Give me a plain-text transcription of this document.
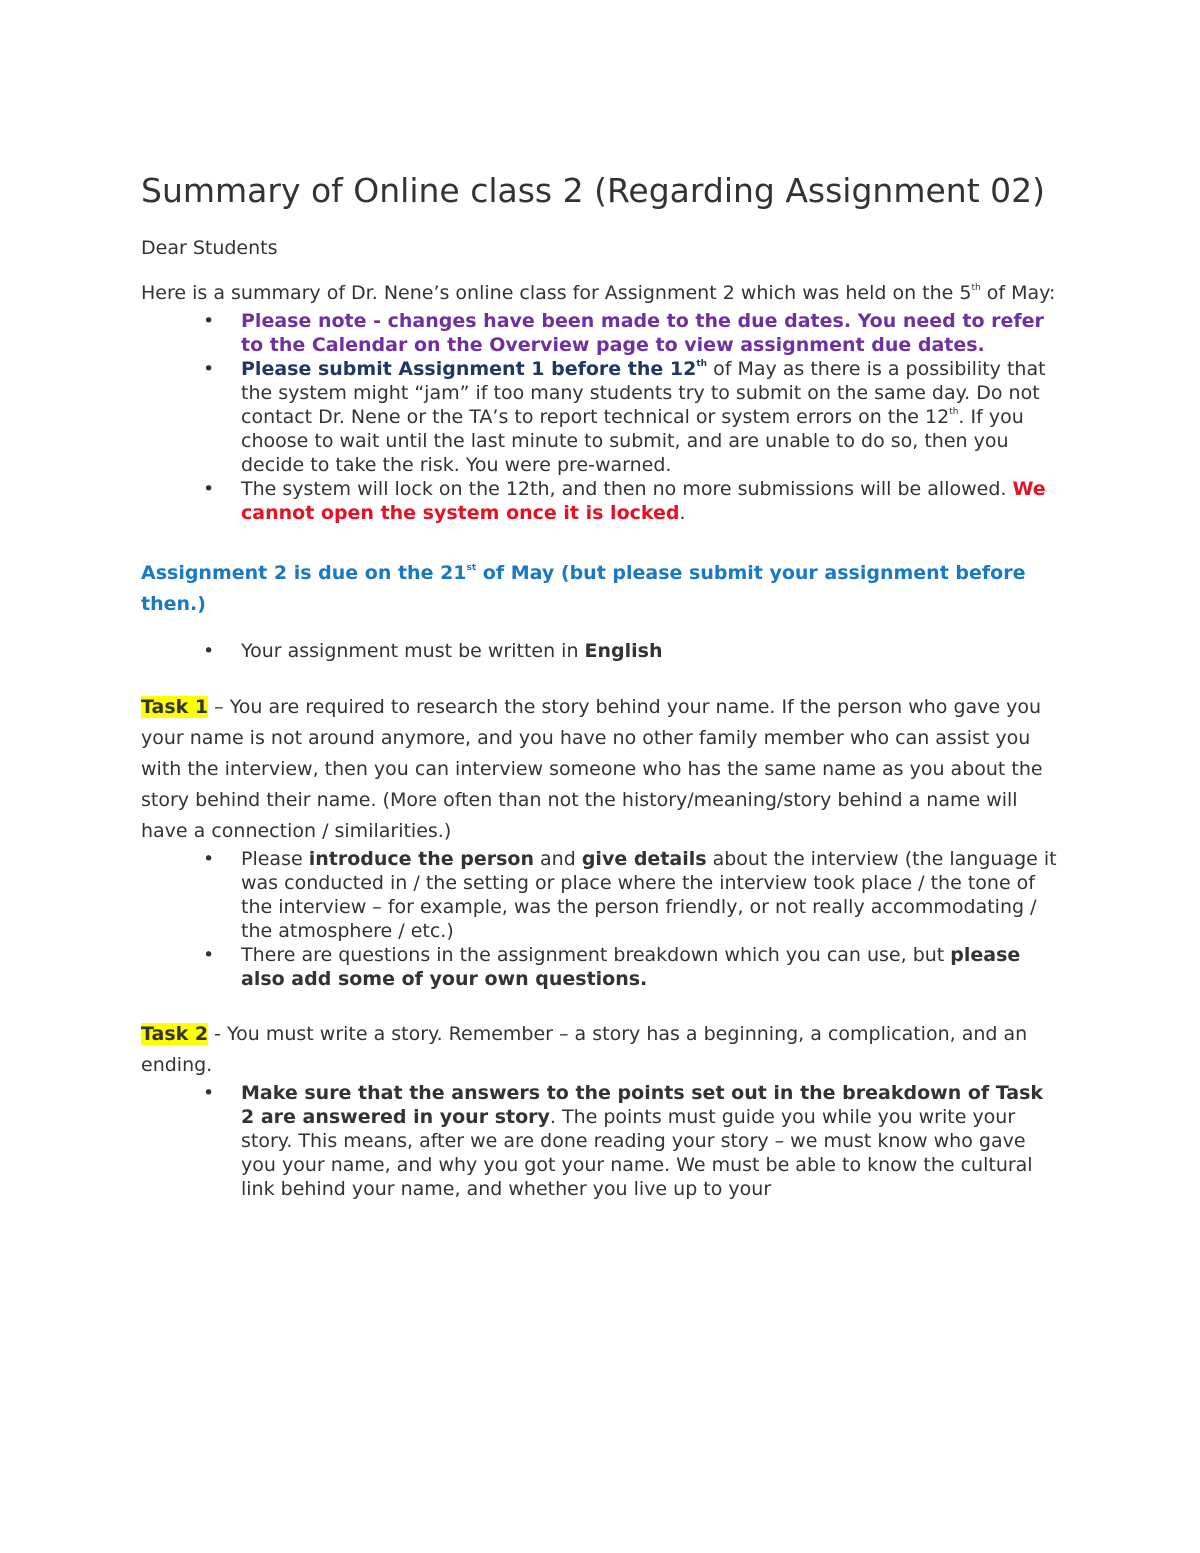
Summary of Online class 2 (Regarding Assignment 02)

Dear Students

Here is a summary of Dr. Nene’s online class for Assignment 2 which was held on the 5th of May:

• Please note - changes have been made to the due dates. You need to refer to the Calendar on the Overview page to view assignment due dates.
• Please submit Assignment 1 before the 12th of May as there is a possibility that the system might “jam” if too many students try to submit on the same day. Do not contact Dr. Nene or the TA’s to report technical or system errors on the 12th. If you choose to wait until the last minute to submit, and are unable to do so, then you decide to take the risk. You were pre-warned.
• The system will lock on the 12th, and then no more submissions will be allowed. We cannot open the system once it is locked.

Assignment 2 is due on the 21st of May (but please submit your assignment before then.)

• Your assignment must be written in English

Task 1 – You are required to research the story behind your name. If the person who gave you your name is not around anymore, and you have no other family member who can assist you with the interview, then you can interview someone who has the same name as you about the story behind their name. (More often than not the history/meaning/story behind a name will have a connection / similarities.)

• Please introduce the person and give details about the interview (the language it was conducted in / the setting or place where the interview took place / the tone of the interview – for example, was the person friendly, or not really accommodating / the atmosphere / etc.)
• There are questions in the assignment breakdown which you can use, but please also add some of your own questions.

Task 2 - You must write a story. Remember – a story has a beginning, a complication, and an ending.

• Make sure that the answers to the points set out in the breakdown of Task 2 are answered in your story. The points must guide you while you write your story. This means, after we are done reading your story – we must know who gave you your name, and why you got your name. We must be able to know the cultural link behind your name, and whether you live up to your
